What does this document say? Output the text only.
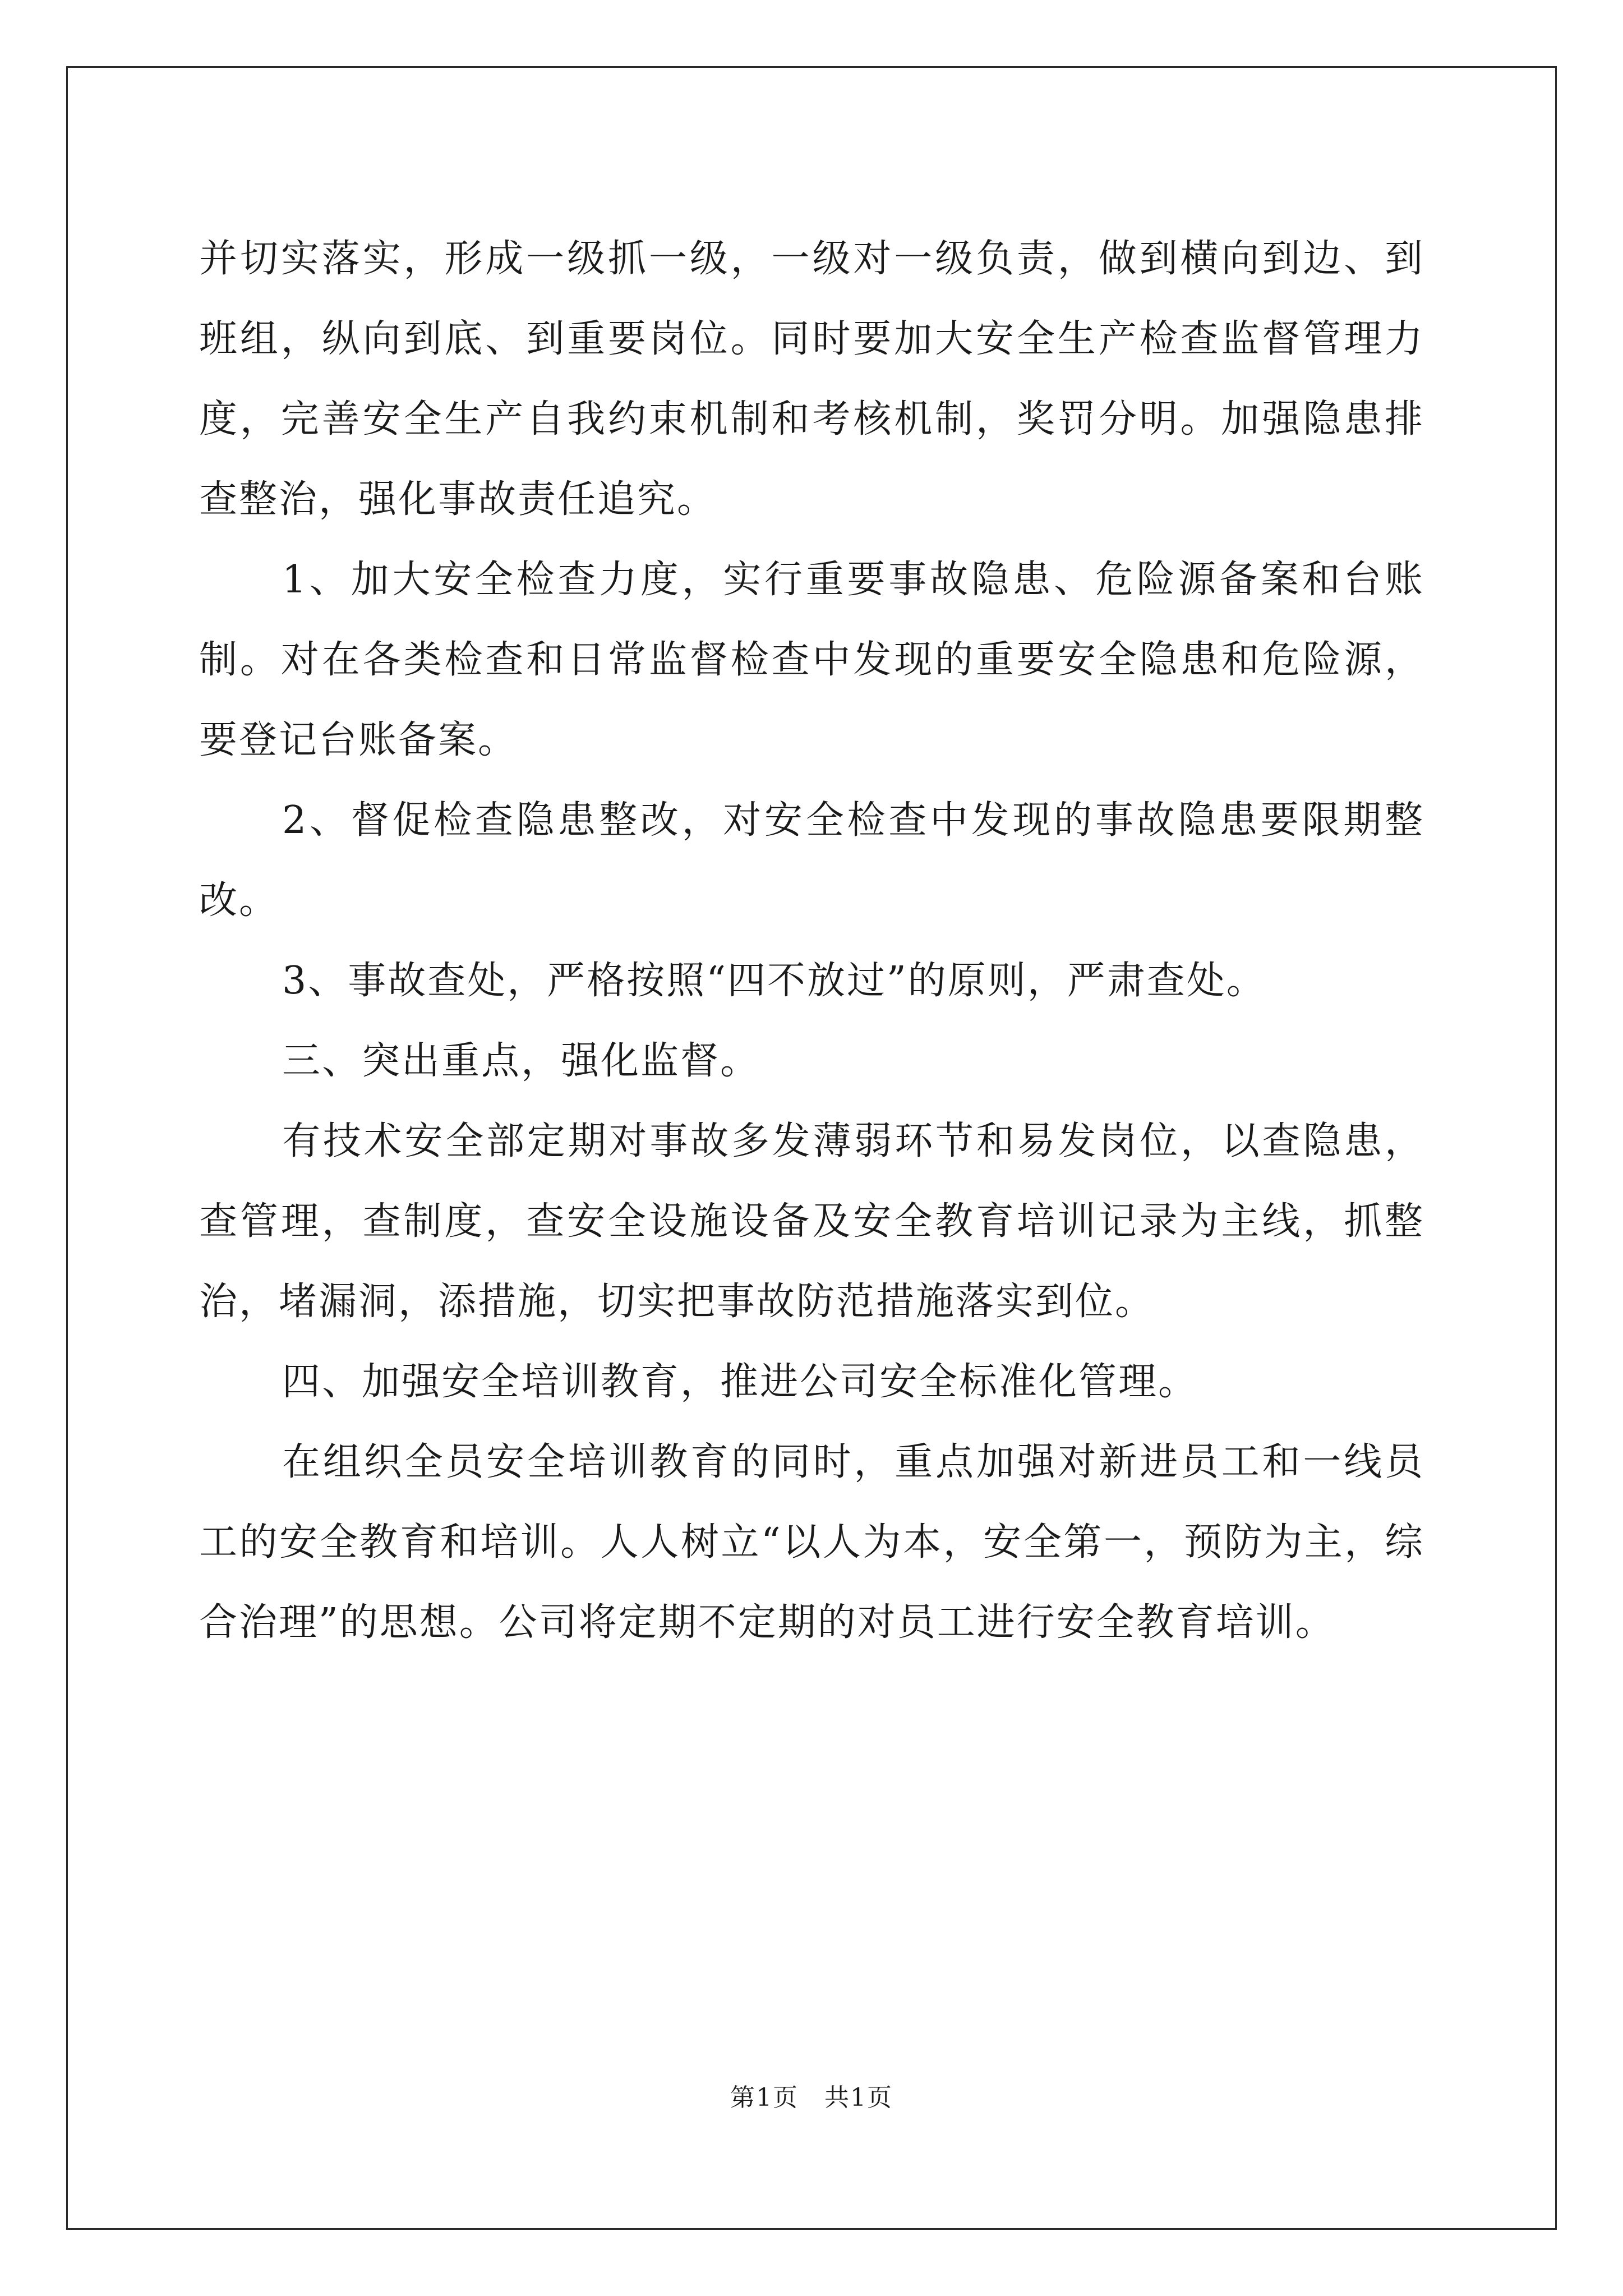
并切实落实，形成一级抓一级，一级对一级负责，做到横向到边、到班组，纵向到底、到重要岗位。同时要加大安全生产检查监督管理力度，完善安全生产自我约束机制和考核机制，奖罚分明。加强隐患排查整治，强化事故责任追究。

1、加大安全检查力度，实行重要事故隐患、危险源备案和台账制。对在各类检查和日常监督检查中发现的重要安全隐患和危险源，要登记台账备案。

2、督促检查隐患整改，对安全检查中发现的事故隐患要限期整改。

3、事故查处，严格按照“四不放过”的原则，严肃查处。

三、突出重点，强化监督。

有技术安全部定期对事故多发薄弱环节和易发岗位，以查隐患，查管理，查制度，查安全设施设备及安全教育培训记录为主线，抓整治，堵漏洞，添措施，切实把事故防范措施落实到位。

四、加强安全培训教育，推进公司安全标准化管理。

在组织全员安全培训教育的同时，重点加强对新进员工和一线员工的安全教育和培训。人人树立“以人为本，安全第一，预防为主，综合治理”的思想。公司将定期不定期的对员工进行安全教育培训。

第1页　共1页
